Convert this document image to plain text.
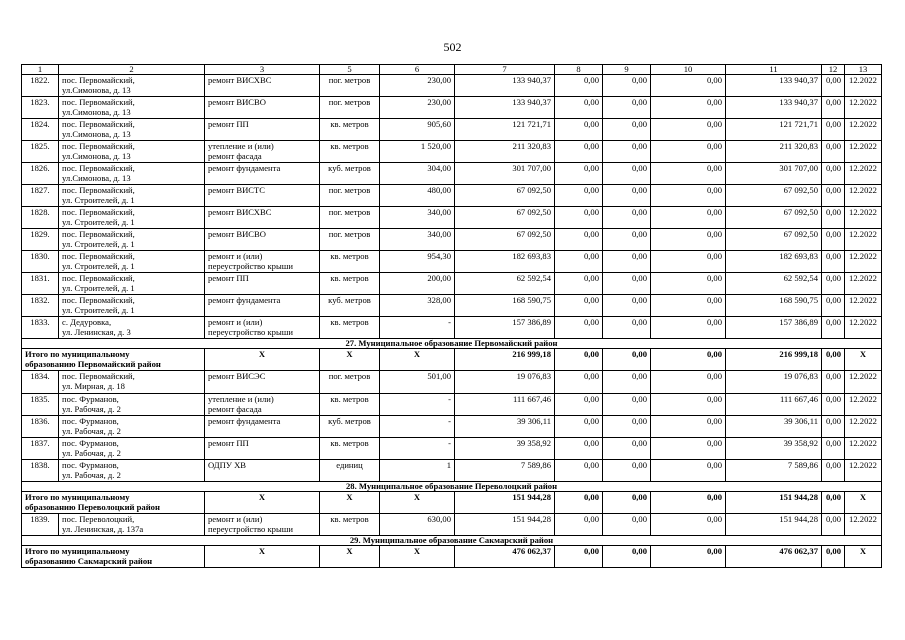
502
1	2	3	5	6	7	8	9	10	11	12	13	
1822.	пос. Первомайский,
ул.Симонова, д. 13	ремонт ВИСХВС	пог. метров	230,00	133 940,37	0,00	0,00	0,00	133 940,37	0,00	12.2022	
1823.	пос. Первомайский,
ул.Симонова, д. 13	ремонт ВИСВО	пог. метров	230,00	133 940,37	0,00	0,00	0,00	133 940,37	0,00	12.2022	
1824.	пос. Первомайский,
ул.Симонова, д. 13	ремонт ПП	кв. метров	905,60	121 721,71	0,00	0,00	0,00	121 721,71	0,00	12.2022	
1825.	пос. Первомайский,
ул.Симонова, д. 13	утепление и (или)
ремонт фасада	кв. метров	1 520,00	211 320,83	0,00	0,00	0,00	211 320,83	0,00	12.2022	
1826.	пос. Первомайский,
ул.Симонова, д. 13	ремонт фундамента	куб. метров	304,00	301 707,00	0,00	0,00	0,00	301 707,00	0,00	12.2022	
1827.	пос. Первомайский,
ул. Строителей, д. 1	ремонт ВИСТС	пог. метров	480,00	67 092,50	0,00	0,00	0,00	67 092,50	0,00	12.2022	
1828.	пос. Первомайский,
ул. Строителей, д. 1	ремонт ВИСХВС	пог. метров	340,00	67 092,50	0,00	0,00	0,00	67 092,50	0,00	12.2022	
1829.	пос. Первомайский,
ул. Строителей, д. 1	ремонт ВИСВО	пог. метров	340,00	67 092,50	0,00	0,00	0,00	67 092,50	0,00	12.2022	
1830.	пос. Первомайский,
ул. Строителей, д. 1	ремонт и (или)
переустройство крыши	кв. метров	954,30	182 693,83	0,00	0,00	0,00	182 693,83	0,00	12.2022	
1831.	пос. Первомайский,
ул. Строителей, д. 1	ремонт ПП	кв. метров	200,00	62 592,54	0,00	0,00	0,00	62 592,54	0,00	12.2022	
1832.	пос. Первомайский,
ул. Строителей, д. 1	ремонт фундамента	куб. метров	328,00	168 590,75	0,00	0,00	0,00	168 590,75	0,00	12.2022	
1833.	с. Дедуровка,
ул. Ленинская, д. 3	ремонт и (или)
переустройство крыши	кв. метров	-	157 386,89	0,00	0,00	0,00	157 386,89	0,00	12.2022	
27. Муниципальное образование Первомайский район												

Итого по муниципальному
образованию Первомайский район		X	X	X	216 999,18	0,00	0,00	0,00	216 999,18	0,00	X	
1834.	пос. Первомайский,
ул. Мирная, д. 18	ремонт ВИСЭС	пог. метров	501,00	19 076,83	0,00	0,00	0,00	19 076,83	0,00	12.2022	
1835.	пос. Фурманов,
ул. Рабочая, д. 2	утепление и (или)
ремонт фасада	кв. метров	-	111 667,46	0,00	0,00	0,00	111 667,46	0,00	12.2022	
1836.	пос. Фурманов,
ул. Рабочая, д. 2	ремонт фундамента	куб. метров	-	39 306,11	0,00	0,00	0,00	39 306,11	0,00	12.2022	
1837.	пос. Фурманов,
ул. Рабочая, д. 2	ремонт ПП	кв. метров	-	39 358,92	0,00	0,00	0,00	39 358,92	0,00	12.2022	
1838.	пос. Фурманов,
ул. Рабочая, д. 2	ОДПУ ХВ	единиц	1	7 589,86	0,00	0,00	0,00	7 589,86	0,00	12.2022	
28. Муниципальное образование Переволоцкий район												

Итого по муниципальному
образованию Переволоцкий район		X	X	X	151 944,28	0,00	0,00	0,00	151 944,28	0,00	X	
1839.	пос. Переволоцкий,
ул. Ленинская, д. 137а	ремонт и (или)
переустройство крыши	кв. метров	630,00	151 944,28	0,00	0,00	0,00	151 944,28	0,00	12.2022	
29. Муниципальное образование Сакмарский район												

Итого по муниципальному
образованию Сакмарский район		X	X	X	476 062,37	0,00	0,00	0,00	476 062,37	0,00	X	
